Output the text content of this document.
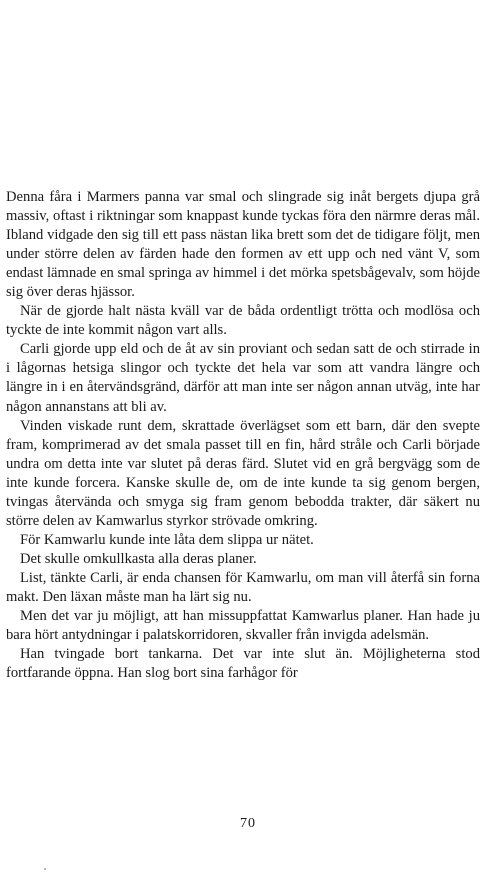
Denna fåra i Marmers panna var smal och slingrade sig inåt bergets djupa grå massiv, oftast i riktningar som knappast kunde tyckas föra den närmre deras mål. Ibland vidgade den sig till ett pass nästan lika brett som det de tidigare följt, men under större delen av färden hade den formen av ett upp och ned vänt V, som endast lämnade en smal springa av himmel i det mörka spetsbågevalv, som höjde sig över deras hjässor.

När de gjorde halt nästa kväll var de båda ordentligt trötta och modlösa och tyckte de inte kommit någon vart alls.

Carli gjorde upp eld och de åt av sin proviant och sedan satt de och stirrade in i lågornas hetsiga slingor och tyckte det hela var som att vandra längre och längre in i en återvändsgränd, därför att man inte ser någon annan utväg, inte har någon annanstans att bli av.

Vinden viskade runt dem, skrattade överlägset som ett barn, där den svepte fram, komprimerad av det smala passet till en fin, hård stråle och Carli började undra om detta inte var slutet på deras färd. Slutet vid en grå bergvägg som de inte kunde forcera. Kanske skulle de, om de inte kunde ta sig genom bergen, tvingas återvända och smyga sig fram genom bebodda trakter, där säkert nu större delen av Kamwarlus styrkor strövade omkring.

För Kamwarlu kunde inte låta dem slippa ur nätet.

Det skulle omkullkasta alla deras planer.

List, tänkte Carli, är enda chansen för Kamwarlu, om man vill återfå sin forna makt. Den läxan måste man ha lärt sig nu.

Men det var ju möjligt, att han missuppfattat Kamwarlus planer. Han hade ju bara hört antydningar i palatskorridoren, skvaller från invigda adelsmän.

Han tvingade bort tankarna. Det var inte slut än. Möjligheterna stod fortfarande öppna. Han slog bort sina farhågor för

70
